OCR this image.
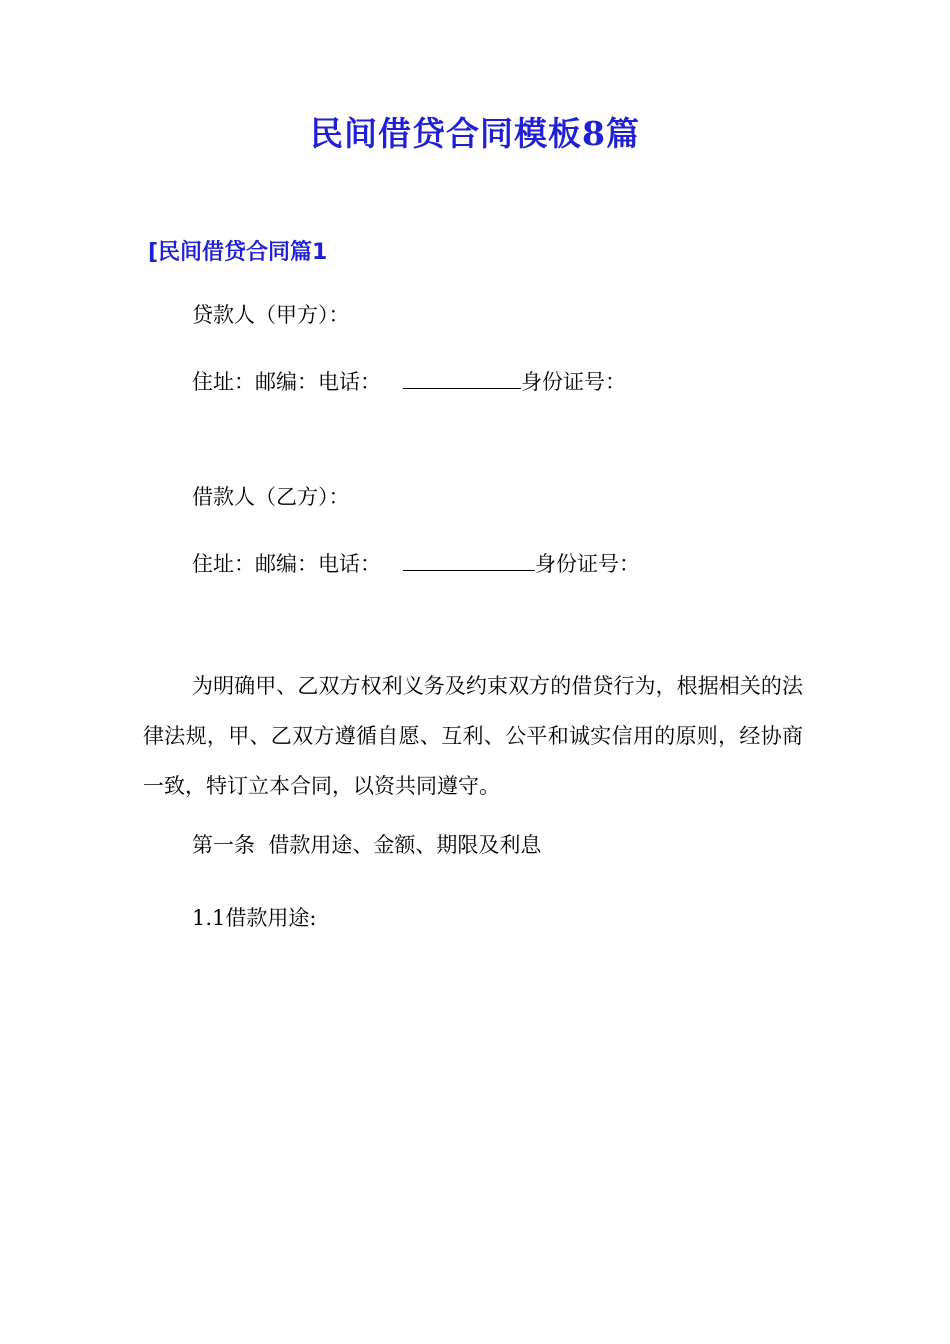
民间借贷合同模板8篇
[民间借贷合同篇1

贷款人（甲方）：

住址：邮编：电话：	身份证号：

借款人（乙方）：

住址：邮编：电话：	身份证号：

为明确甲、乙双方权利义务及约束双方的借贷行为，根据相关的法律法规，甲、乙双方遵循自愿、互利、公平和诚实信用的原则，经协商一致，特订立本合同，以资共同遵守。

第一条  借款用途、金额、期限及利息

1.1借款用途:
